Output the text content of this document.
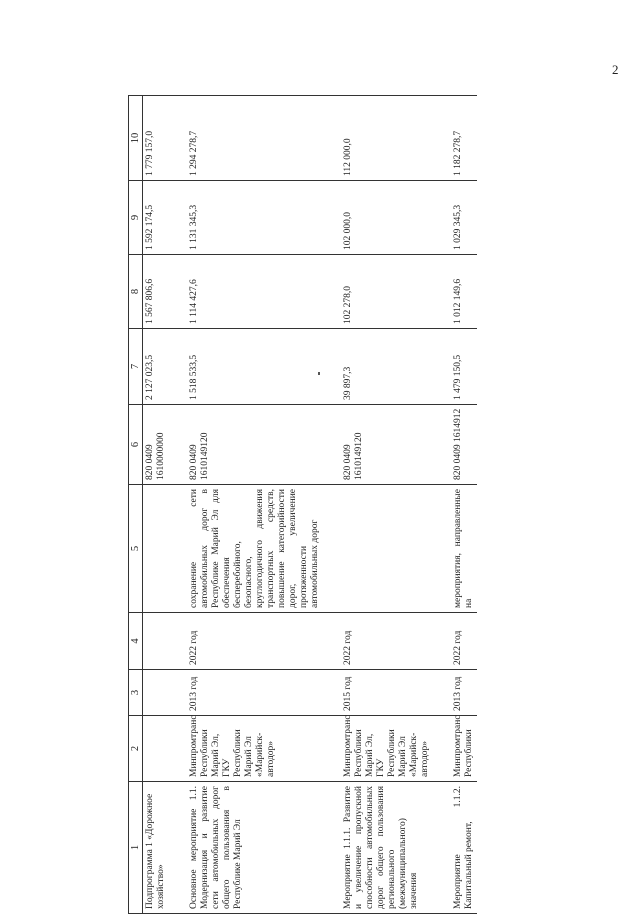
2
1	2	3	4	5	6	7	8	9	10
Подпрограмма 1 «Дорожное хозяйство»					820 0409 1610000000	2 127 023,5	1 567 806,6	1 592 174,5	1 779 157,0

Основное мероприятие 1.1. Модернизация и развитие сети автомобильных дорог общего пользования в Республике Марий Эл	Минпромтранс Республики Марий Эл, ГКУ Республики Марий Эл «Марийск-автодор»	2013 год	2022 год	сохранение сети автомобильных дорог в Республике Марий Эл для обеспечения бесперебойного, безопасного, круглогодичного движения транспортных средств, повышение категорийности дорог, увеличение протяженности автомобильных дорог	820 0409 1610149120	1 518 533,5	1 114 427,6	1 131 345,3	1 294 278,7

Мероприятие 1.1.1. Развитие и увеличение пропускной способности автомобильных дорог общего пользования регионального (межмуниципального) значения	Минпромтранс Республики Марий Эл, ГКУ Республики Марий Эл «Марийск-автодор»	2015 год	2022 год		820 0409 1610149120	39 897,3	102 278,0	102 000,0	112 000,0

Мероприятие 1.1.2. Капитальный ремонт,	Минпромтранс Республики	2013 год	2022 год	мероприятия, направленные на	820 0409 1614912	1 479 150,5	1 012 149,6	1 029 345,3	1 182 278,7
